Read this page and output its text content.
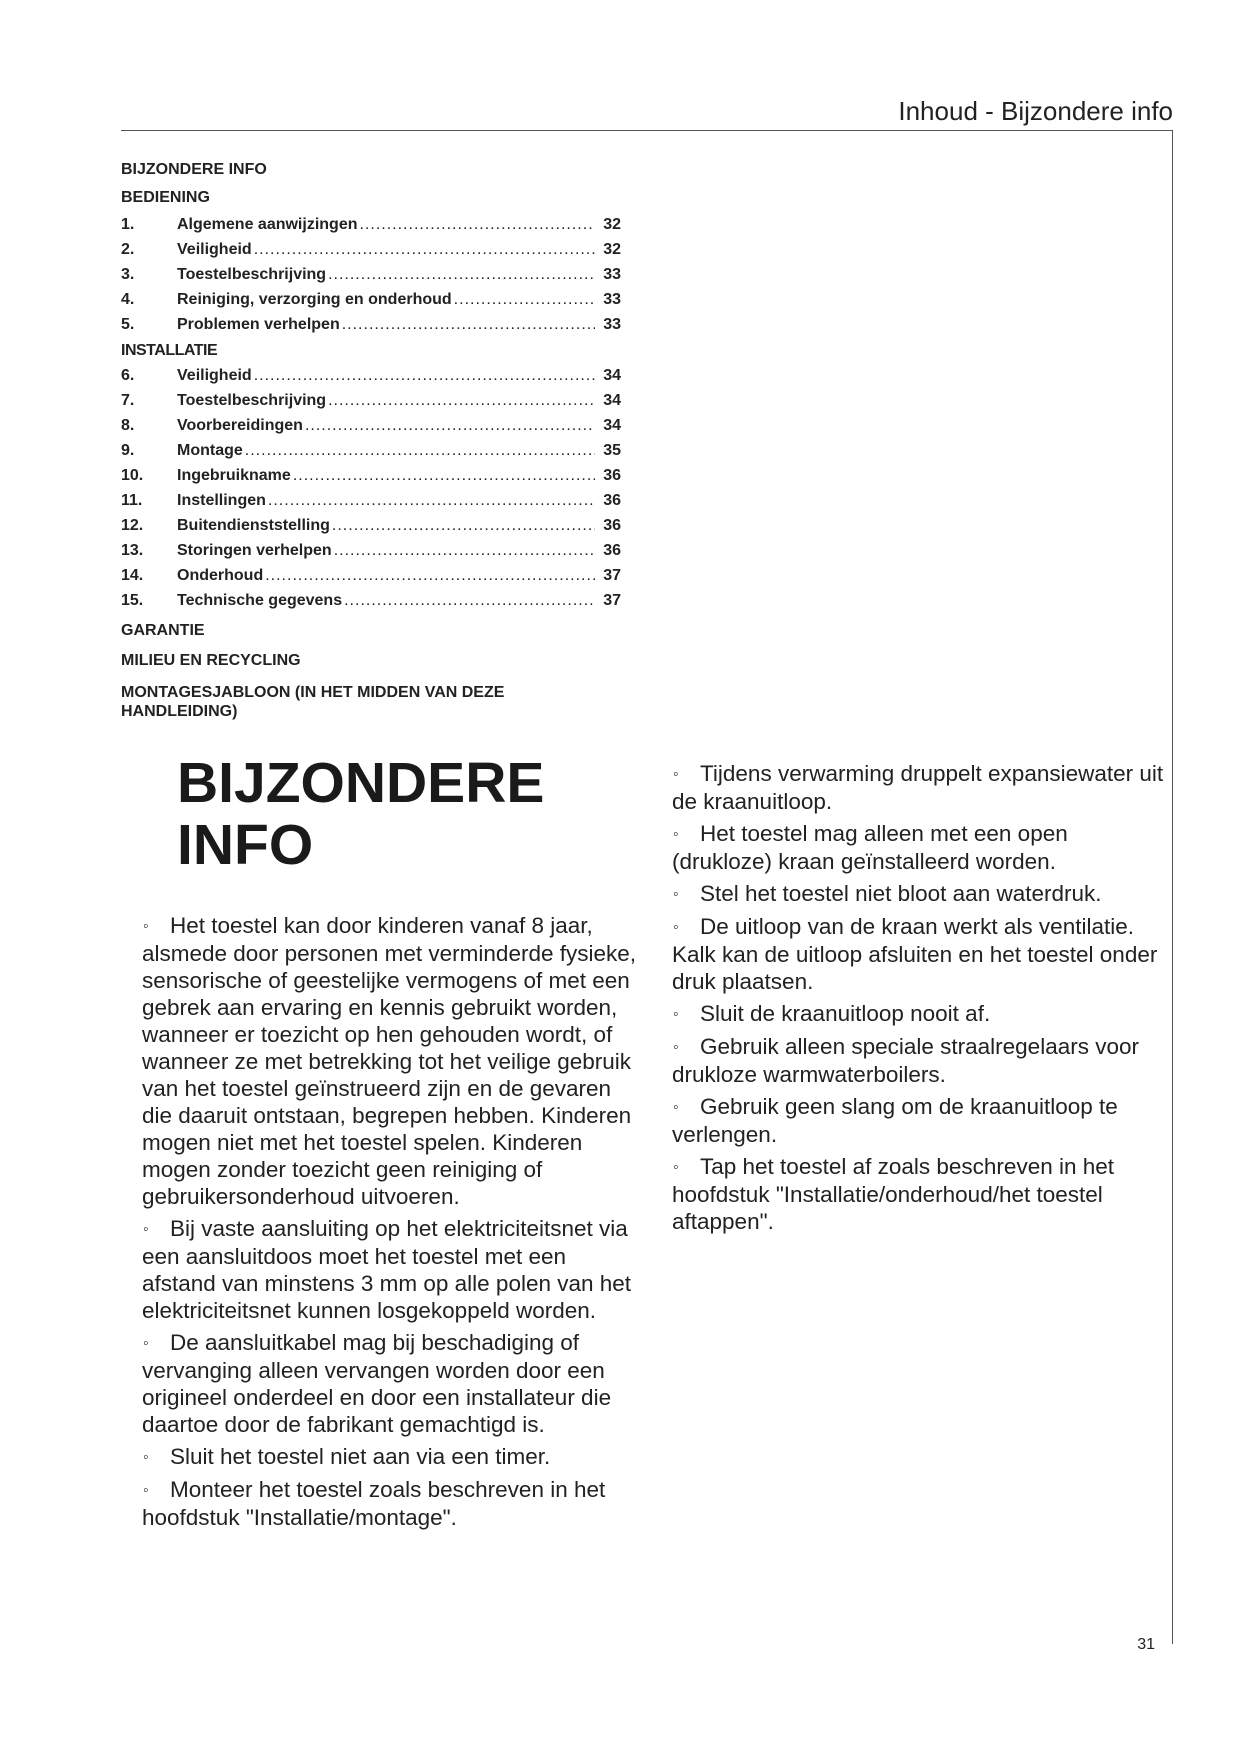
Inhoud - Bijzondere info

BIJZONDERE INFO

BEDIENING

1.	Algemene aanwijzingen .....	32
2.	Veiligheid .....	32
3.	Toestelbeschrijving .....	33
4.	Reiniging, verzorging en onderhoud .....	33
5.	Problemen verhelpen .....	33

INSTALLATIE

6.	Veiligheid .....	34
7.	Toestelbeschrijving .....	34
8.	Voorbereidingen .....	34
9.	Montage .....	35
10.	Ingebruikname .....	36
11.	Instellingen .....	36
12.	Buitendienststelling .....	36
13.	Storingen verhelpen .....	36
14.	Onderhoud .....	37
15.	Technische gegevens .....	37

GARANTIE

MILIEU EN RECYCLING

MONTAGESJABLOON (IN HET MIDDEN VAN DEZE HANDLEIDING)

BIJZONDERE
INFO

◦ Het toestel kan door kinderen vanaf 8 jaar, alsmede door personen met verminderde fysieke, sensorische of geestelijke vermogens of met een gebrek aan ervaring en kennis gebruikt worden, wanneer er toezicht op hen gehouden wordt, of wanneer ze met betrekking tot het veilige gebruik van het toestel geïnstrueerd zijn en de gevaren die daaruit ontstaan, begrepen hebben. Kinderen mogen niet met het toestel spelen. Kinderen mogen zonder toezicht geen reiniging of gebruikersonderhoud uitvoeren.

◦ Bij vaste aansluiting op het elektriciteitsnet via een aansluitdoos moet het toestel met een afstand van minstens 3 mm op alle polen van het elektriciteitsnet kunnen losgekoppeld worden.

◦ De aansluitkabel mag bij beschadiging of vervanging alleen vervangen worden door een origineel onderdeel en door een installateur die daartoe door de fabrikant gemachtigd is.

◦ Sluit het toestel niet aan via een timer.

◦ Monteer het toestel zoals beschreven in het hoofdstuk "Installatie/montage".

◦ Tijdens verwarming druppelt expansiewater uit de kraanuitloop.

◦ Het toestel mag alleen met een open (drukloze) kraan geïnstalleerd worden.

◦ Stel het toestel niet bloot aan waterdruk.

◦ De uitloop van de kraan werkt als ventilatie. Kalk kan de uitloop afsluiten en het toestel onder druk plaatsen.

◦ Sluit de kraanuitloop nooit af.

◦ Gebruik alleen speciale straalregelaars voor drukloze warmwaterboilers.

◦ Gebruik geen slang om de kraanuitloop te verlengen.

◦ Tap het toestel af zoals beschreven in het hoofdstuk "Installatie/onderhoud/het toestel aftappen".

31
